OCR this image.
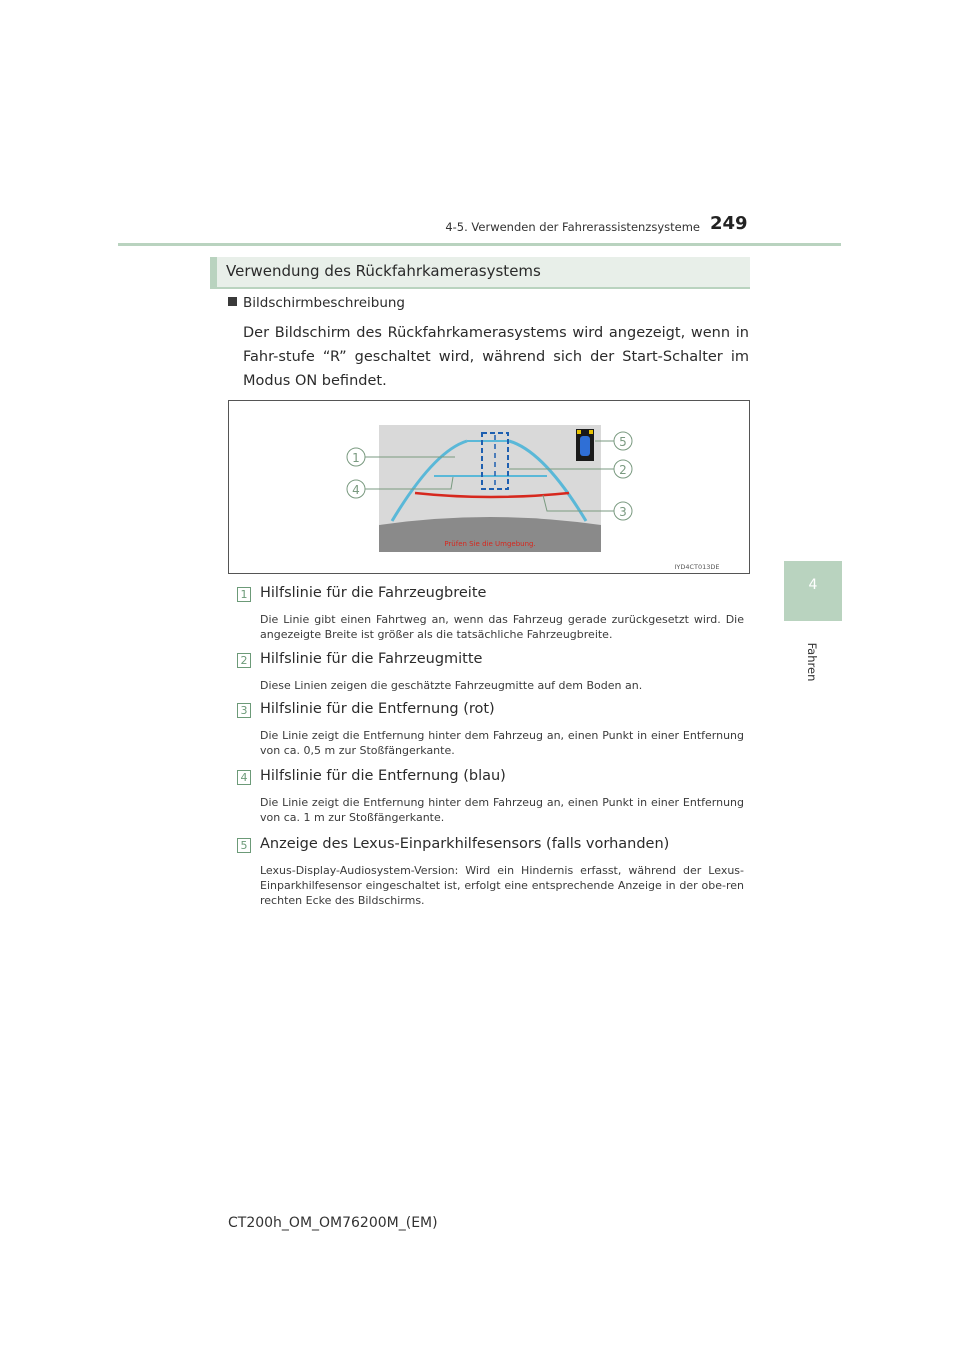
4-5. Verwenden der Fahrerassistenzsysteme 249
4
Fahren
Verwendung des Rückfahrkamerasystems
Bildschirmbeschreibung
Der Bildschirm des Rückfahrkamerasystems wird angezeigt, wenn in Fahr-stufe “R” geschaltet wird, während sich der Start-Schalter im Modus ON befindet.
Prüfen Sie die Umgebung.
1
2
3
4
5
IYD4CT013DE
1 Hilfslinie für die Fahrzeugbreite
Die Linie gibt einen Fahrtweg an, wenn das Fahrzeug gerade zurückgesetzt wird. Die angezeigte Breite ist größer als die tatsächliche Fahrzeugbreite.
2 Hilfslinie für die Fahrzeugmitte
Diese Linien zeigen die geschätzte Fahrzeugmitte auf dem Boden an.
3 Hilfslinie für die Entfernung (rot)
Die Linie zeigt die Entfernung hinter dem Fahrzeug an, einen Punkt in einer Entfernung von ca. 0,5 m zur Stoßfängerkante.
4 Hilfslinie für die Entfernung (blau)
Die Linie zeigt die Entfernung hinter dem Fahrzeug an, einen Punkt in einer Entfernung von ca. 1 m zur Stoßfängerkante.
5 Anzeige des Lexus-Einparkhilfesensors (falls vorhanden)
Lexus-Display-Audiosystem-Version: Wird ein Hindernis erfasst, während der Lexus-Einparkhilfesensor eingeschaltet ist, erfolgt eine entsprechende Anzeige in der obe-ren rechten Ecke des Bildschirms.
CT200h_OM_OM76200M_(EM)
